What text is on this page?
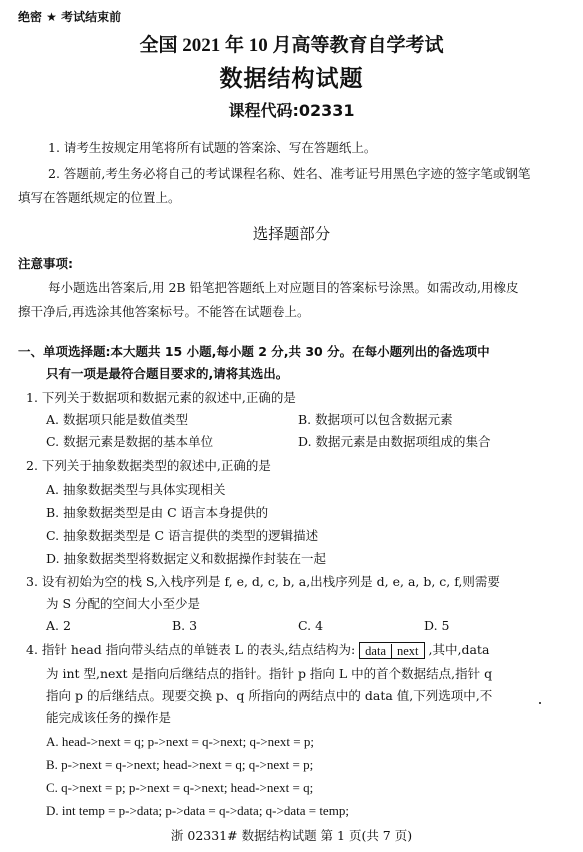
绝密 ★ 考试结束前
全国 2021 年 10 月高等教育自学考试
数据结构试题
课程代码:02331
1. 请考生按规定用笔将所有试题的答案涂、写在答题纸上。
2. 答题前,考生务必将自己的考试课程名称、姓名、准考证号用黑色字迹的签字笔或钢笔
填写在答题纸规定的位置上。
选择题部分
注意事项:
每小题选出答案后,用 2B 铅笔把答题纸上对应题目的答案标号涂黑。如需改动,用橡皮
擦干净后,再选涂其他答案标号。不能答在试题卷上。
一、单项选择题:本大题共 15 小题,每小题 2 分,共 30 分。在每小题列出的备选项中
只有一项是最符合题目要求的,请将其选出。
1. 下列关于数据项和数据元素的叙述中,正确的是
A. 数据项只能是数值类型	B. 数据项可以包含数据元素
C. 数据元素是数据的基本单位	D. 数据元素是由数据项组成的集合
2. 下列关于抽象数据类型的叙述中,正确的是
A. 抽象数据类型与具体实现相关
B. 抽象数据类型是由 C 语言本身提供的
C. 抽象数据类型是 C 语言提供的类型的逻辑描述
D. 抽象数据类型将数据定义和数据操作封装在一起
3. 设有初始为空的栈 S,入栈序列是 f, e, d, c, b, a,出栈序列是 d, e, a, b, c, f,则需要
为 S 分配的空间大小至少是
A. 2	B. 3	C. 4	D. 5
4. 指针 head 指向带头结点的单链表 L 的表头,结点结构为: data next ,其中,data
为 int 型,next 是指向后继结点的指针。指针 p 指向 L 中的首个数据结点,指针 q
指向 p 的后继结点。现要交换 p、q 所指向的两结点中的 data 值,下列选项中,不
能完成该任务的操作是
A. head->next = q; p->next = q->next; q->next = p;
B. p->next = q->next; head->next = q; q->next = p;
C. q->next = p; p->next = q->next; head->next = q;
D. int temp = p->data; p->data = q->data; q->data = temp;
浙 02331# 数据结构试题 第 1 页(共 7 页)
